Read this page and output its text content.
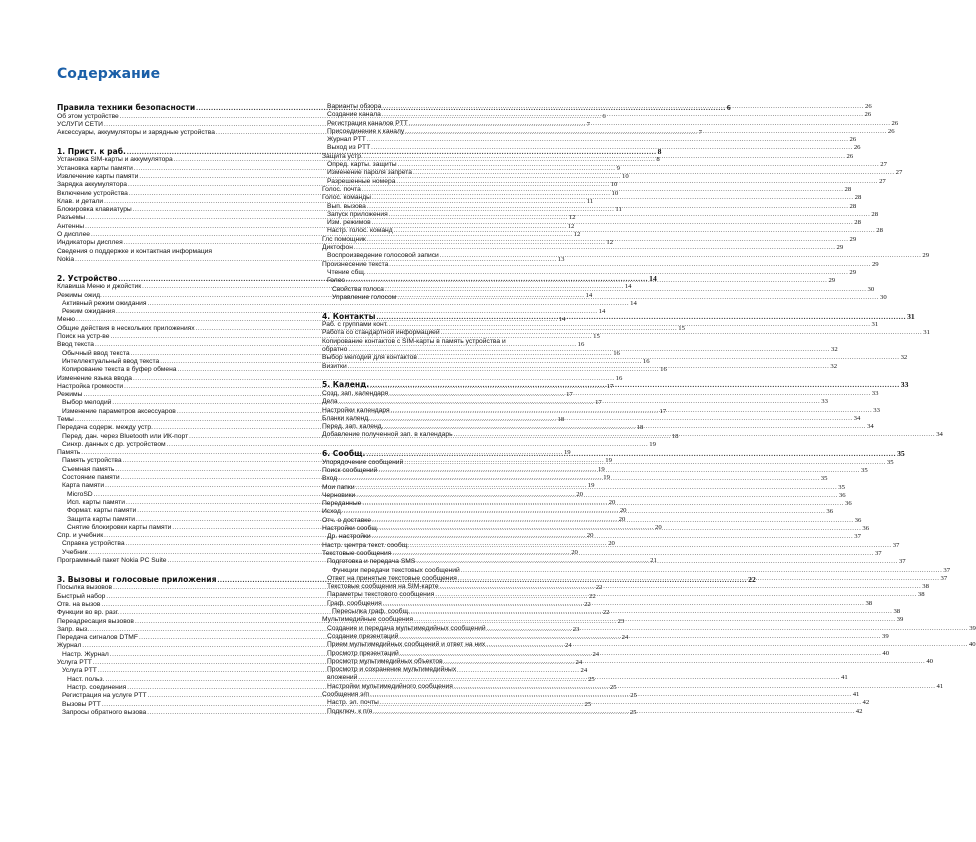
Содержание
Правила техники безопасности .....	6
Об этом устройстве .....	6
УСЛУГИ СЕТИ .....	7
Аксессуары, аккумуляторы и зарядные устройства .....	7
1. Прист. к раб. .....	8
Установка SIM-карты и аккумулятора .....	8
Установка карты памяти .....	9
Извлечение карты памяти .....	10
Зарядка аккумулятора .....	10
Включение устройства .....	10
Клав. и детали .....	11
Блокировка клавиатуры .....	11
Разъемы .....	12
Антенны .....	12
О дисплее .....	12
Индикаторы дисплея .....	12
Сведения о поддержке и контактная информация
Nokia .....	13
2. Устройство .....	14
Клавиша Меню и джойстик .....	14
Режимы ожид. .....	14
Активный режим ожидания .....	14
Режим ожидания .....	14
Меню .....	14
Общие действия в нескольких приложениях .....	15
Поиск на устр-ве .....	15
Ввод текста .....	16
Обычный ввод текста .....	16
Интеллектуальный ввод текста .....	16
Копирование текста в буфер обмена .....	16
Изменение языка ввода .....	16
Настройка громкости .....	17
Режимы .....	17
Выбор мелодий .....	17
Изменение параметров аксессуаров .....	17
Темы .....	18
Передача содерж. между устр. .....	18
Перед. дан. через Bluetooth или ИК-порт .....	18
Синхр. данных с др. устройством .....	19
Память .....	19
Память устройства .....	19
Съемная память .....	19
Состояние памяти .....	19
Карта памяти .....	19
MicroSD .....	20
Исп. карты памяти .....	20
Формат. карты памяти .....	20
Защита карты памяти .....	20
Снятие блокировки карты памяти .....	20
Спр. и учебник .....	20
Справка устройства .....	20
Учебник .....	20
Программный пакет Nokia PC Suite .....	21
3. Вызовы и голосовые приложения .....	22
Посылка вызовов .....	22
Быстрый набор .....	22
Отв. на вызов .....	22
Функции во вр. разг. .....	22
Переадресация вызовов .....	23
Запр. выз. .....	23
Передача сигналов DTMF .....	24
Журнал .....	24
Настр. Журнал .....	24
Услуга PTT .....	24
Услуга PTT .....	24
Наст. польз. .....	25
Настр. соединения .....	25
Регистрация на услуге PTT .....	25
Вызовы PTT .....	25
Запросы обратного вызова .....	25
Варианты обзора .....	26
Создание канала .....	26
Регистрация каналов PTT .....	26
Присоединение к каналу .....	26
Журнал PTT .....	26
Выход из PTT .....	26
Защита устр. .....	26
Опред. карты. защиты .....	27
Изменение пароля запрета .....	27
Разрешенные номера .....	27
Голос. почта .....	28
Голос. команды .....	28
Вып. вызова .....	28
Запуск приложения .....	28
Изм. режимов .....	28
Настр. голос. команд .....	28
Глс помощник .....	29
Диктофон .....	29
Воспроизведение голосовой записи .....	29
Произнесение текста .....	29
Чтение сбщ. .....	29
Голос .....	29
Свойства голоса .....	30
Управление голосом .....	30
4. Контакты .....	31
Раб. с группами конт. .....	31
Работа со стандартной информацией .....	31
Копирование контактов с SIM-карты в память устройства и
обратно .....	32
Выбор мелодий для контактов .....	32
Визитки .....	32
5. Календ. .....	33
Созд. зап. календаря .....	33
Дела .....	33
Настройки календаря .....	33
Бланки календ. .....	34
Перед. зап. календ. .....	34
Добавление полученной зап. в календарь .....	34
6. Сообщ. .....	35
Упорядочение сообщений .....	35
Поиск сообщений .....	35
Вход .....	35
Мои папки .....	35
Черновики .....	36
Переданные .....	36
Исход. .....	36
Отч. о доставке .....	36
Настройки сообщ. .....	36
Др. настройки .....	37
Настр. центра текст. сообщ. .....	37
Текстовые сообщения .....	37
Подготовка и передача SMS .....	37
Функции передачи текстовых сообщений .....	37
Ответ на принятые текстовые сообщения .....	37
Текстовые сообщения на SIM-карте .....	38
Параметры текстового сообщения .....	38
Граф. сообщения .....	38
Пересылка граф. сообщ. .....	38
Мультимедийные сообщения .....	39
Создание и передача мультимедийных сообщений .....	39
Создание презентаций .....	39
Прием мультимедийных сообщений и ответ на них .....	40
Просмотр презентаций .....	40
Просмотр мультимедийных объектов .....	40
Просмотр и сохранение мультимедийных
вложений .....	41
Настройки мультимедийного сообщения .....	41
Сообщения э/п .....	41
Настр. эл. почты .....	42
Подключ. к п/я .....	42
